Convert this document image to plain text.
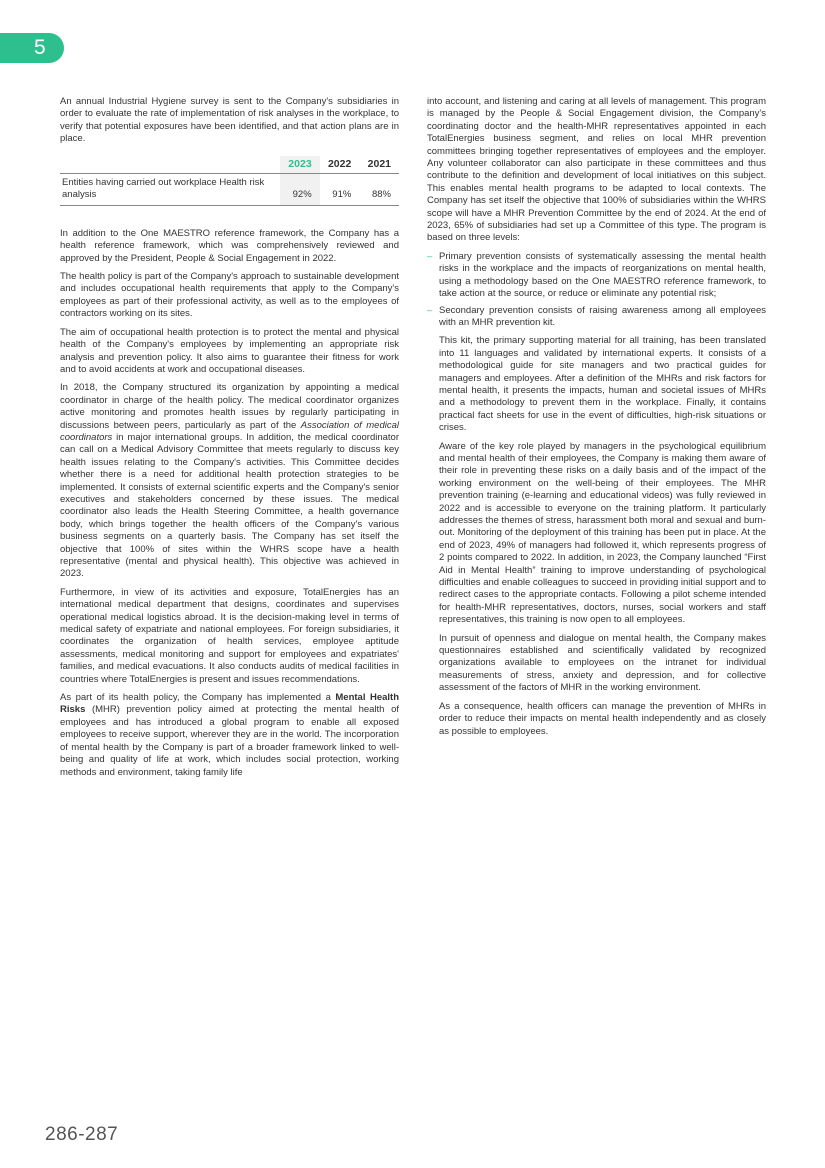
5

An annual Industrial Hygiene survey is sent to the Company's subsidiaries in order to evaluate the rate of implementation of risk analyses in the workplace, to verify that potential exposures have been identified, and that action plans are in place.

	2023	2022	2021
Entities having carried out workplace Health risk analysis	92%	91%	88%

In addition to the One MAESTRO reference framework, the Company has a health reference framework, which was comprehensively reviewed and approved by the President, People & Social Engagement in 2022.

The health policy is part of the Company's approach to sustainable development and includes occupational health requirements that apply to the Company's employees as part of their professional activity, as well as to the employees of contractors working on its sites.

The aim of occupational health protection is to protect the mental and physical health of the Company's employees by implementing an appropriate risk analysis and prevention policy. It also aims to guarantee their fitness for work and to avoid accidents at work and occupational diseases.

In 2018, the Company structured its organization by appointing a medical coordinator in charge of the health policy. The medical coordinator organizes active monitoring and promotes health issues by regularly participating in discussions between peers, particularly as part of the Association of medical coordinators in major international groups. In addition, the medical coordinator can call on a Medical Advisory Committee that meets regularly to discuss key health issues relating to the Company's activities. This Committee decides whether there is a need for additional health protection strategies to be implemented. It consists of external scientific experts and the Company's senior executives and stakeholders concerned by these issues. The medical coordinator also leads the Health Steering Committee, a health governance body, which brings together the health officers of the Company's various business segments on a quarterly basis. The Company has set itself the objective that 100% of sites within the WHRS scope have a health representative (mental and physical health). This objective was achieved in 2023.

Furthermore, in view of its activities and exposure, TotalEnergies has an international medical department that designs, coordinates and supervises operational medical logistics abroad. It is the decision-making level in terms of medical safety of expatriate and national employees. For foreign subsidiaries, it coordinates the organization of health services, employee aptitude assessments, medical monitoring and support for employees and expatriates' families, and medical evacuations. It also conducts audits of medical facilities in countries where TotalEnergies is present and issues recommendations.

As part of its health policy, the Company has implemented a Mental Health Risks (MHR) prevention policy aimed at protecting the mental health of employees and has introduced a global program to enable all exposed employees to receive support, wherever they are in the world. The incorporation of mental health by the Company is part of a broader framework linked to well-being and quality of life at work, which includes social protection, working methods and environment, taking family life

into account, and listening and caring at all levels of management. This program is managed by the People & Social Engagement division, the Company's coordinating doctor and the health-MHR representatives appointed in each TotalEnergies business segment, and relies on local MHR prevention committees bringing together representatives of employees and the employer. Any volunteer collaborator can also participate in these committees and thus contribute to the definition and development of local initiatives on this subject. This enables mental health programs to be adapted to local contexts. The Company has set itself the objective that 100% of subsidiaries within the WHRS scope will have a MHR Prevention Committee by the end of 2024. At the end of 2023, 65% of subsidiaries had set up a Committee of this type. The program is based on three levels:

– Primary prevention consists of systematically assessing the mental health risks in the workplace and the impacts of reorganizations on mental health, using a methodology based on the One MAESTRO reference framework, to take action at the source, or reduce or eliminate any potential risk;
– Secondary prevention consists of raising awareness among all employees with an MHR prevention kit.

This kit, the primary supporting material for all training, has been translated into 11 languages and validated by international experts. It consists of a methodological guide for site managers and two practical guides for managers and employees. After a definition of the MHRs and risk factors for mental health, it presents the impacts, human and societal issues of MHRs and a methodology to prevent them in the workplace. Finally, it contains practical fact sheets for use in the event of difficulties, high-risk situations or crises.

Aware of the key role played by managers in the psychological equilibrium and mental health of their employees, the Company is making them aware of their role in preventing these risks on a daily basis and of the impact of the working environment on the well-being of their employees. The MHR prevention training (e-learning and educational videos) was fully reviewed in 2022 and is accessible to everyone on the training platform. It particularly addresses the themes of stress, harassment both moral and sexual and burn-out. Monitoring of the deployment of this training has been put in place. At the end of 2023, 49% of managers had followed it, which represents progress of 2 points compared to 2022. In addition, in 2023, the Company launched “First Aid in Mental Health” training to improve understanding of psychological difficulties and enable colleagues to succeed in providing initial support and to redirect cases to the appropriate contacts. Following a pilot scheme intended for health-MHR representatives, doctors, nurses, social workers and staff representatives, this training is now open to all employees.

In pursuit of openness and dialogue on mental health, the Company makes questionnaires established and scientifically validated by recognized organizations available to employees on the intranet for individual measurements of stress, anxiety and depression, and for collective assessment of the factors of MHR in the working environment.

As a consequence, health officers can manage the prevention of MHRs in order to reduce their impacts on mental health independently and as closely as possible to employees.

286-287
